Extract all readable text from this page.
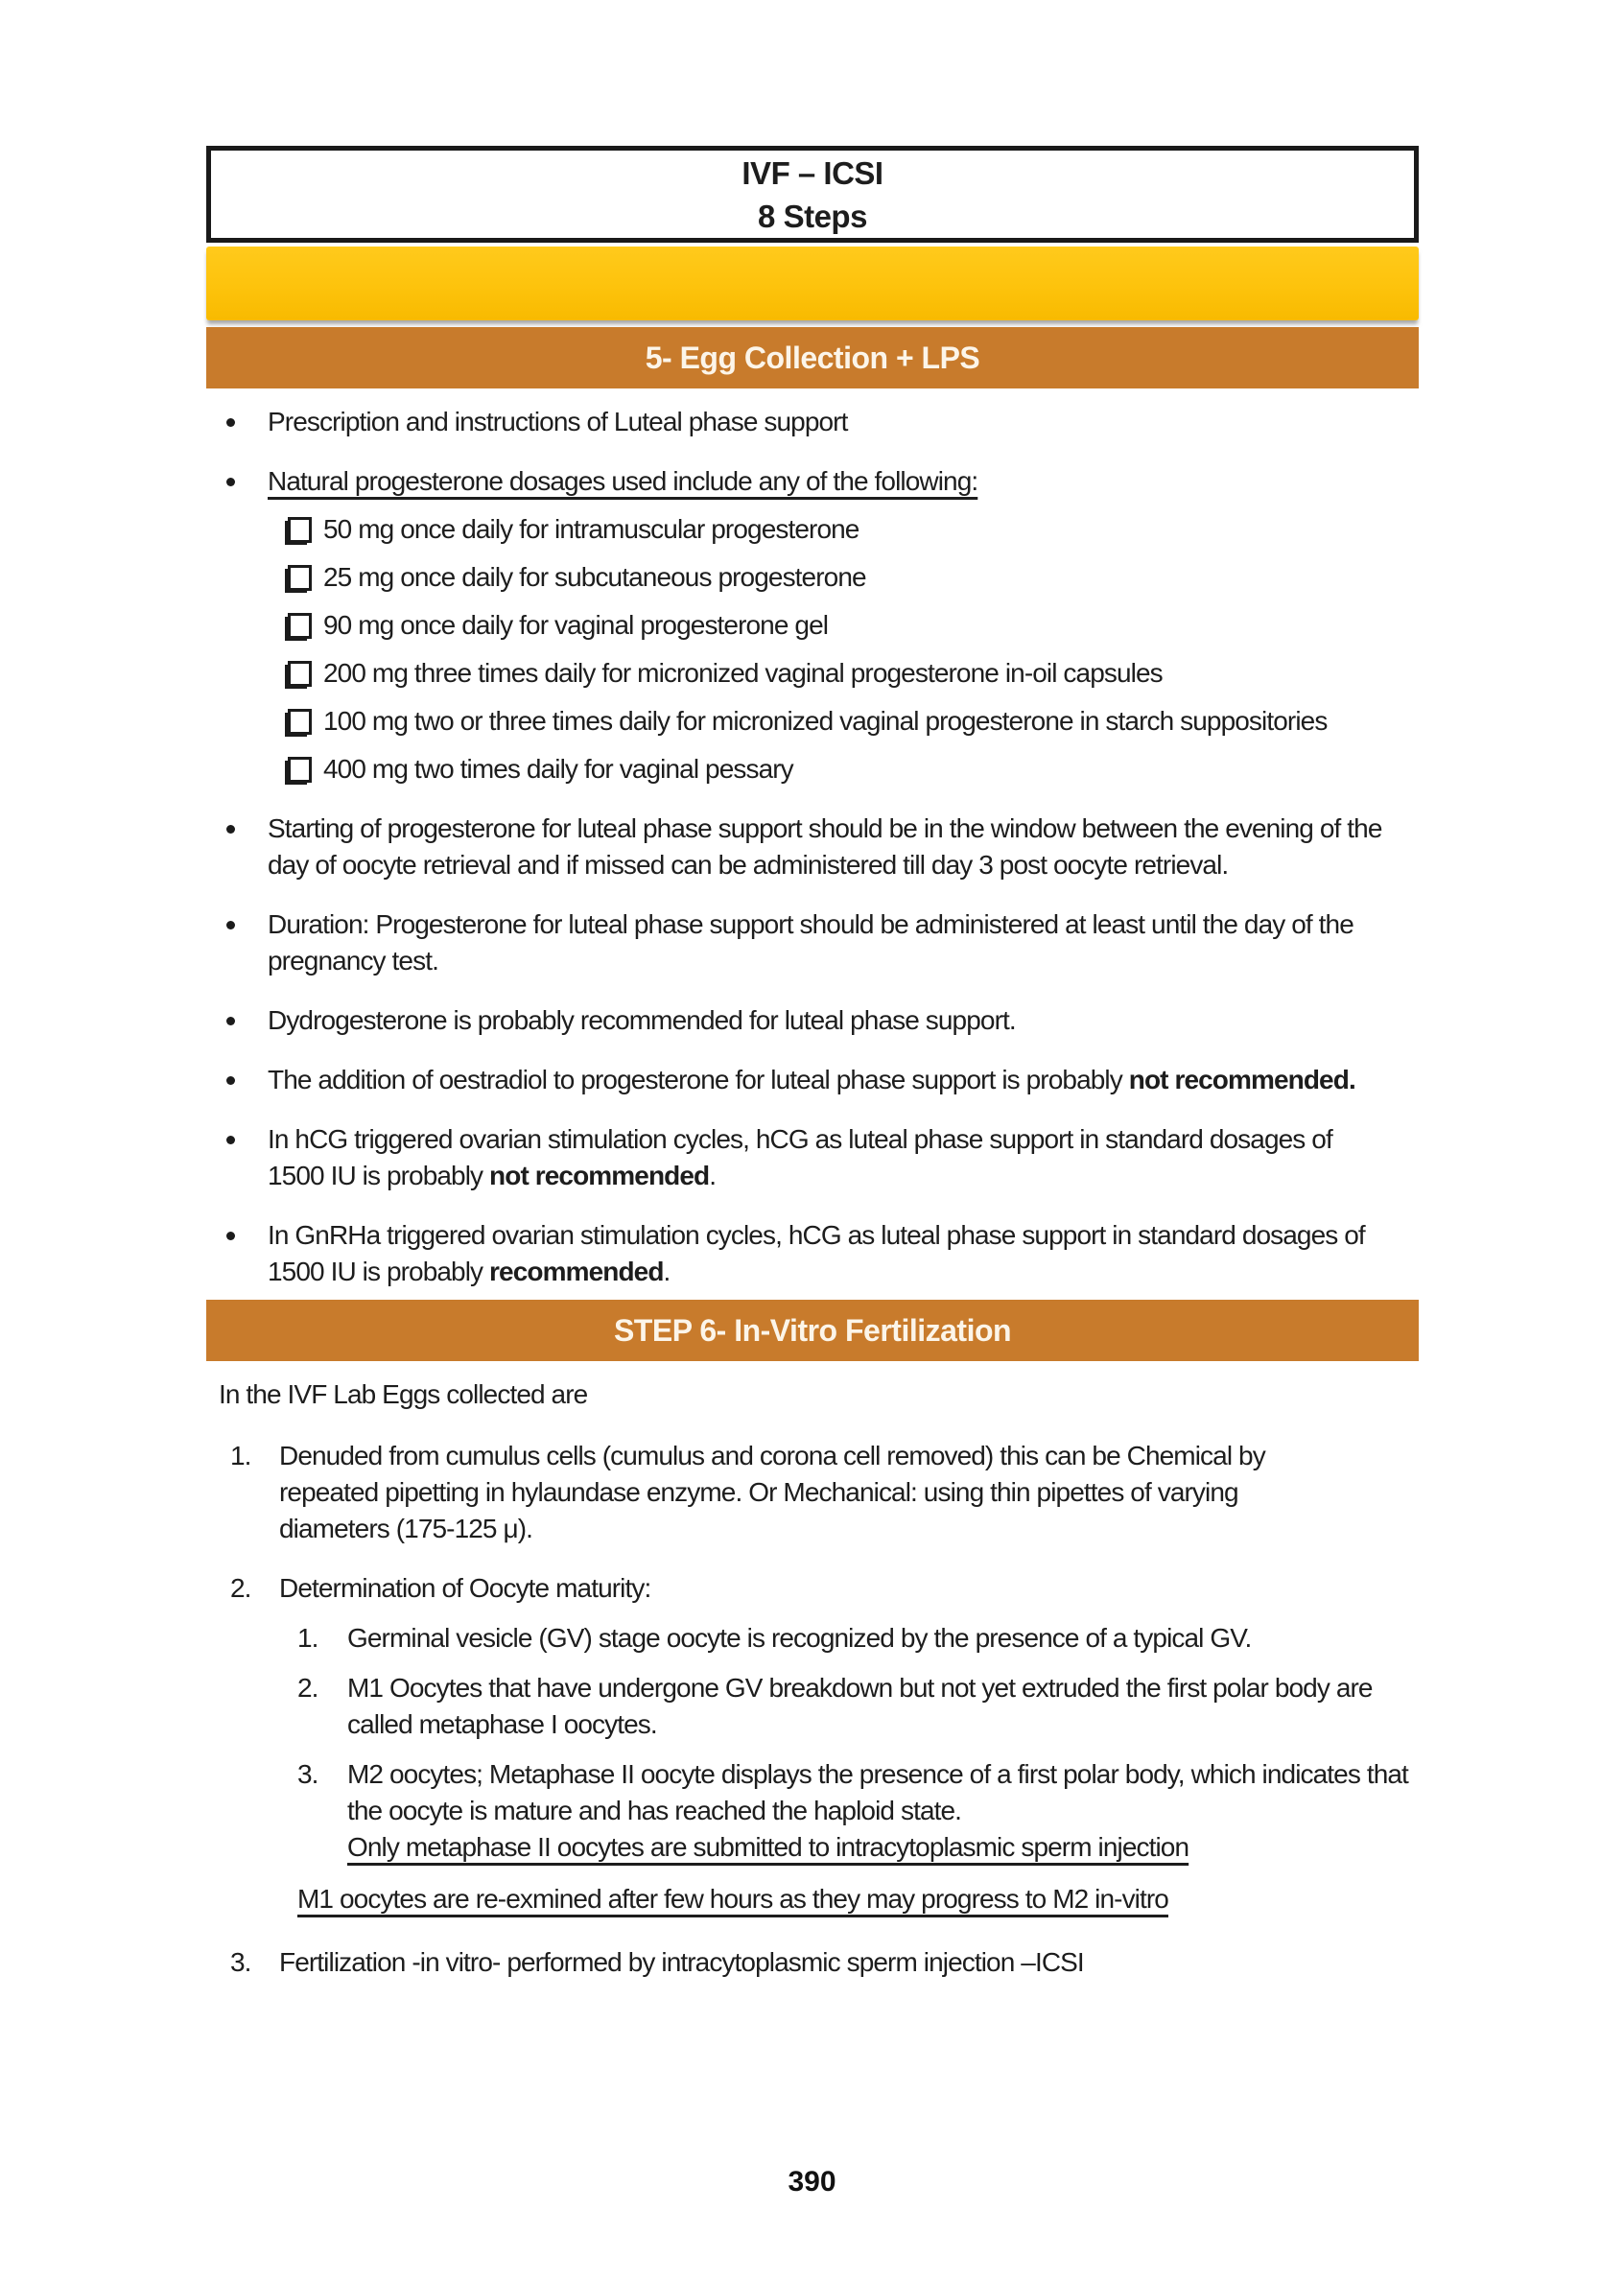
IVF – ICSI
8 Steps
5- Egg Collection + LPS
Prescription and instructions of Luteal phase support
Natural progesterone dosages used include any of the following:
50 mg once daily for intramuscular progesterone
25 mg once daily for subcutaneous progesterone
90 mg once daily for vaginal progesterone gel
200 mg three times daily for micronized vaginal progesterone in-oil capsules
100 mg two or three times daily for micronized vaginal progesterone in starch suppositories
400 mg two times daily for vaginal pessary
Starting of progesterone for luteal phase support should be in the window between the evening of the day of oocyte retrieval and if missed can be administered till day 3 post oocyte retrieval.
Duration: Progesterone for luteal phase support should be administered at least until the day of the pregnancy test.
Dydrogesterone is probably recommended for luteal phase support.
The addition of oestradiol to progesterone for luteal phase support is probably not recommended.
In hCG triggered ovarian stimulation cycles, hCG as luteal phase support in standard dosages of 1500 IU is probably not recommended.
In GnRHa triggered ovarian stimulation cycles, hCG as luteal phase support in standard dosages of 1500 IU is probably recommended.
STEP 6- In-Vitro Fertilization
In the IVF Lab Eggs collected are
1.	Denuded from cumulus cells (cumulus and corona cell removed) this can be Chemical by repeated pipetting in hylaundase enzyme. Or Mechanical: using thin pipettes of varying diameters (175-125 μ).
2.	Determination of Oocyte maturity:
1.	Germinal vesicle (GV) stage oocyte is recognized by the presence of a typical GV.
2.	M1 Oocytes that have undergone GV breakdown but not yet extruded the first polar body are called metaphase I oocytes.
3.	M2 oocytes; Metaphase II oocyte displays the presence of a first polar body, which indicates that the oocyte is mature and has reached the haploid state.
Only metaphase II oocytes are submitted to intracytoplasmic sperm injection
M1 oocytes are re-exmined after few hours as they may progress to M2 in-vitro
3.	Fertilization -in vitro- performed by intracytoplasmic sperm injection –ICSI
390
